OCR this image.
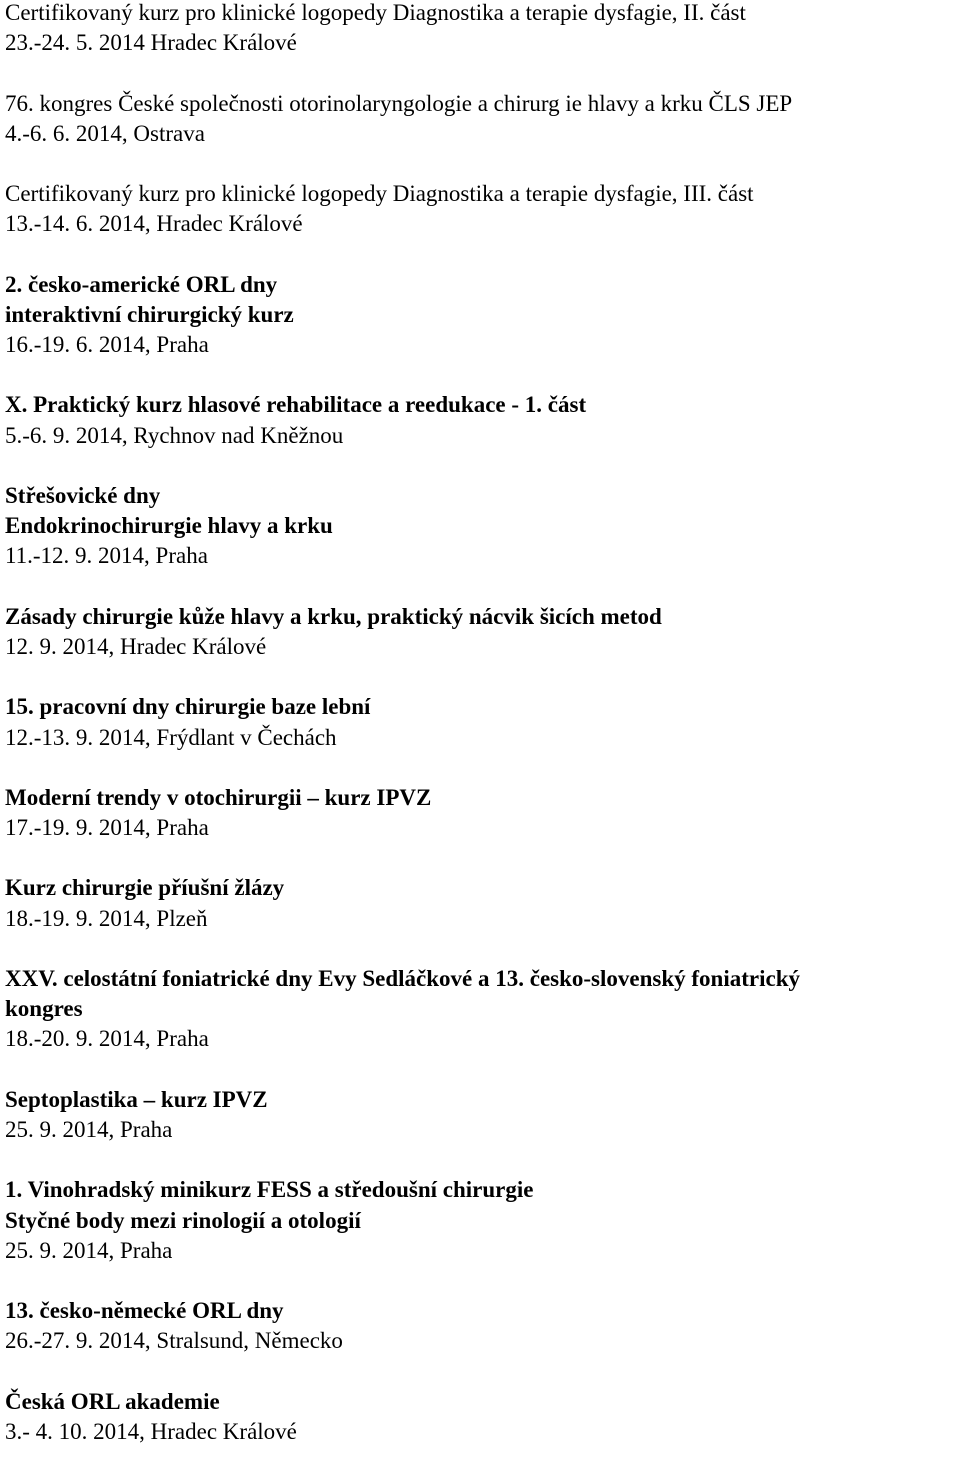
Certifikovaný kurz pro klinické logopedy Diagnostika a terapie dysfagie, II. část
23.-24. 5. 2014 Hradec Králové
76. kongres České společnosti otorinolaryngologie a chirurg ie hlavy a krku ČLS JEP
4.-6. 6. 2014, Ostrava
Certifikovaný kurz pro klinické logopedy Diagnostika a terapie dysfagie, III. část
13.-14. 6. 2014, Hradec Králové
2. česko-americké ORL dny
interaktivní chirurgický kurz
16.-19. 6. 2014, Praha
X. Praktický kurz hlasové rehabilitace a reedukace - 1. část
5.-6. 9. 2014, Rychnov nad Kněžnou
Střešovické dny
Endokrinochirurgie hlavy a krku
11.-12. 9. 2014, Praha
Zásady chirurgie kůže hlavy a krku, praktický nácvik šicích metod
12. 9. 2014, Hradec Králové
15. pracovní dny chirurgie baze lební
12.-13. 9. 2014, Frýdlant v Čechách
Moderní trendy v otochirurgii – kurz IPVZ
17.-19. 9. 2014, Praha
Kurz chirurgie příušní žlázy
18.-19. 9. 2014, Plzeň
XXV. celostátní foniatrické dny Evy Sedláčkové a 13. česko-slovenský foniatrický
kongres
18.-20. 9. 2014, Praha
Septoplastika – kurz IPVZ
25. 9. 2014, Praha
1. Vinohradský minikurz FESS a středoušní chirurgie
Styčné body mezi rinologií a otologií
25. 9. 2014, Praha
13. česko-německé ORL dny
26.-27. 9. 2014, Stralsund, Německo
Česká ORL akademie
3.- 4. 10. 2014, Hradec Králové
